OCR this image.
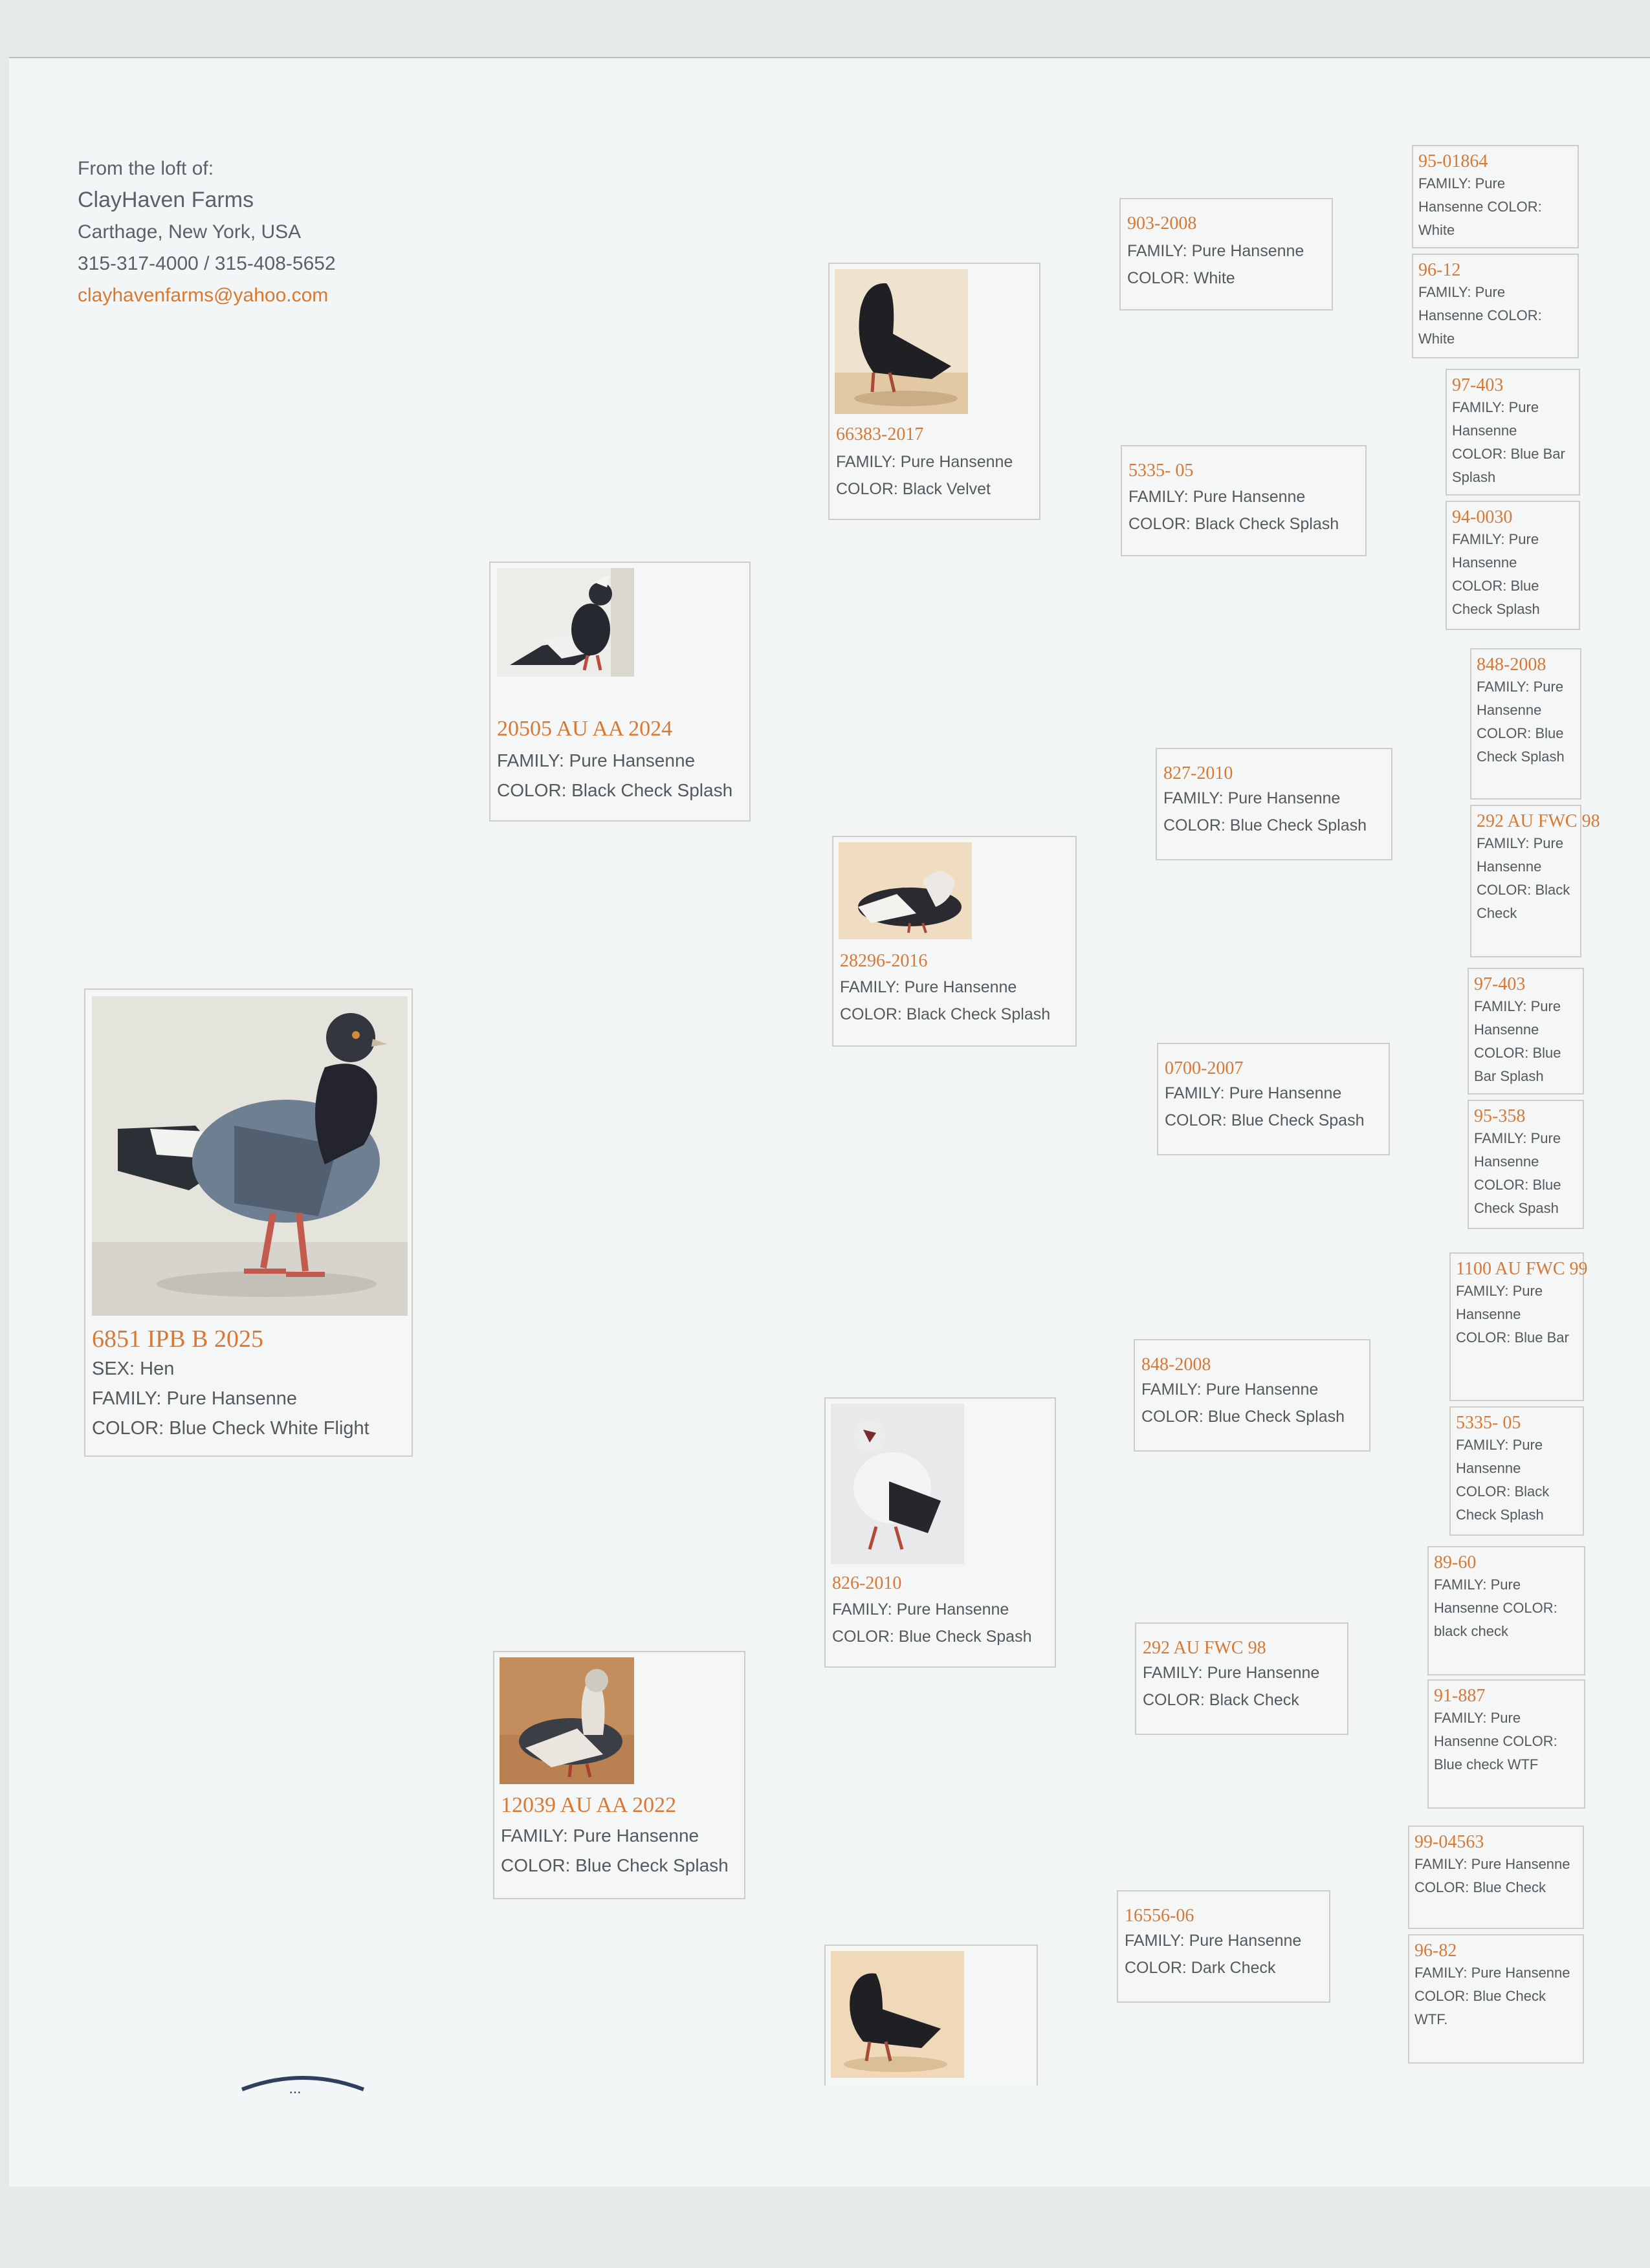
From the loft of:
ClayHaven Farms
Carthage, New York, USA
315-317-4000 / 315-408-5652
clayhavenfarms@yahoo.com
6851 IPB B 2025
SEX: Hen
FAMILY: Pure Hansenne
COLOR: Blue Check White Flight
20505 AU AA 2024
FAMILY: Pure Hansenne
COLOR: Black Check Splash
12039 AU AA 2022
FAMILY: Pure Hansenne
COLOR: Blue Check Splash
66383-2017
FAMILY: Pure Hansenne
COLOR: Black Velvet
28296-2016
FAMILY: Pure Hansenne
COLOR: Black Check Splash
826-2010
FAMILY: Pure Hansenne
COLOR: Blue Check Spash
903-2008
FAMILY: Pure Hansenne
COLOR: White
5335- 05
FAMILY: Pure Hansenne
COLOR: Black Check Splash
827-2010
FAMILY: Pure Hansenne
COLOR: Blue Check Splash
0700-2007
FAMILY: Pure Hansenne
COLOR: Blue Check Spash
848-2008
FAMILY: Pure Hansenne
COLOR: Blue Check Splash
292 AU FWC 98
FAMILY: Pure Hansenne
COLOR: Black Check
16556-06
FAMILY: Pure Hansenne
COLOR: Dark Check
95-01864
FAMILY: Pure Hansenne COLOR: White
96-12
FAMILY: Pure Hansenne COLOR: White
97-403
FAMILY: Pure Hansenne COLOR: Blue Bar Splash
94-0030
FAMILY: Pure Hansenne COLOR: Blue Check Splash
848-2008
FAMILY: Pure Hansenne COLOR: Blue Check Splash
292 AU FWC 98
FAMILY: Pure Hansenne COLOR: Black Check
97-403
FAMILY: Pure Hansenne COLOR: Blue Bar Splash
95-358
FAMILY: Pure Hansenne COLOR: Blue Check Spash
1100 AU FWC 99
FAMILY: Pure Hansenne COLOR: Blue Bar
5335- 05
FAMILY: Pure Hansenne COLOR: Black Check Splash
89-60
FAMILY: Pure Hansenne COLOR: black check
91-887
FAMILY: Pure Hansenne COLOR: Blue check WTF
99-04563
FAMILY: Pure Hansenne COLOR: Blue Check
96-82
FAMILY: Pure Hansenne COLOR: Blue Check WTF.
• • •
